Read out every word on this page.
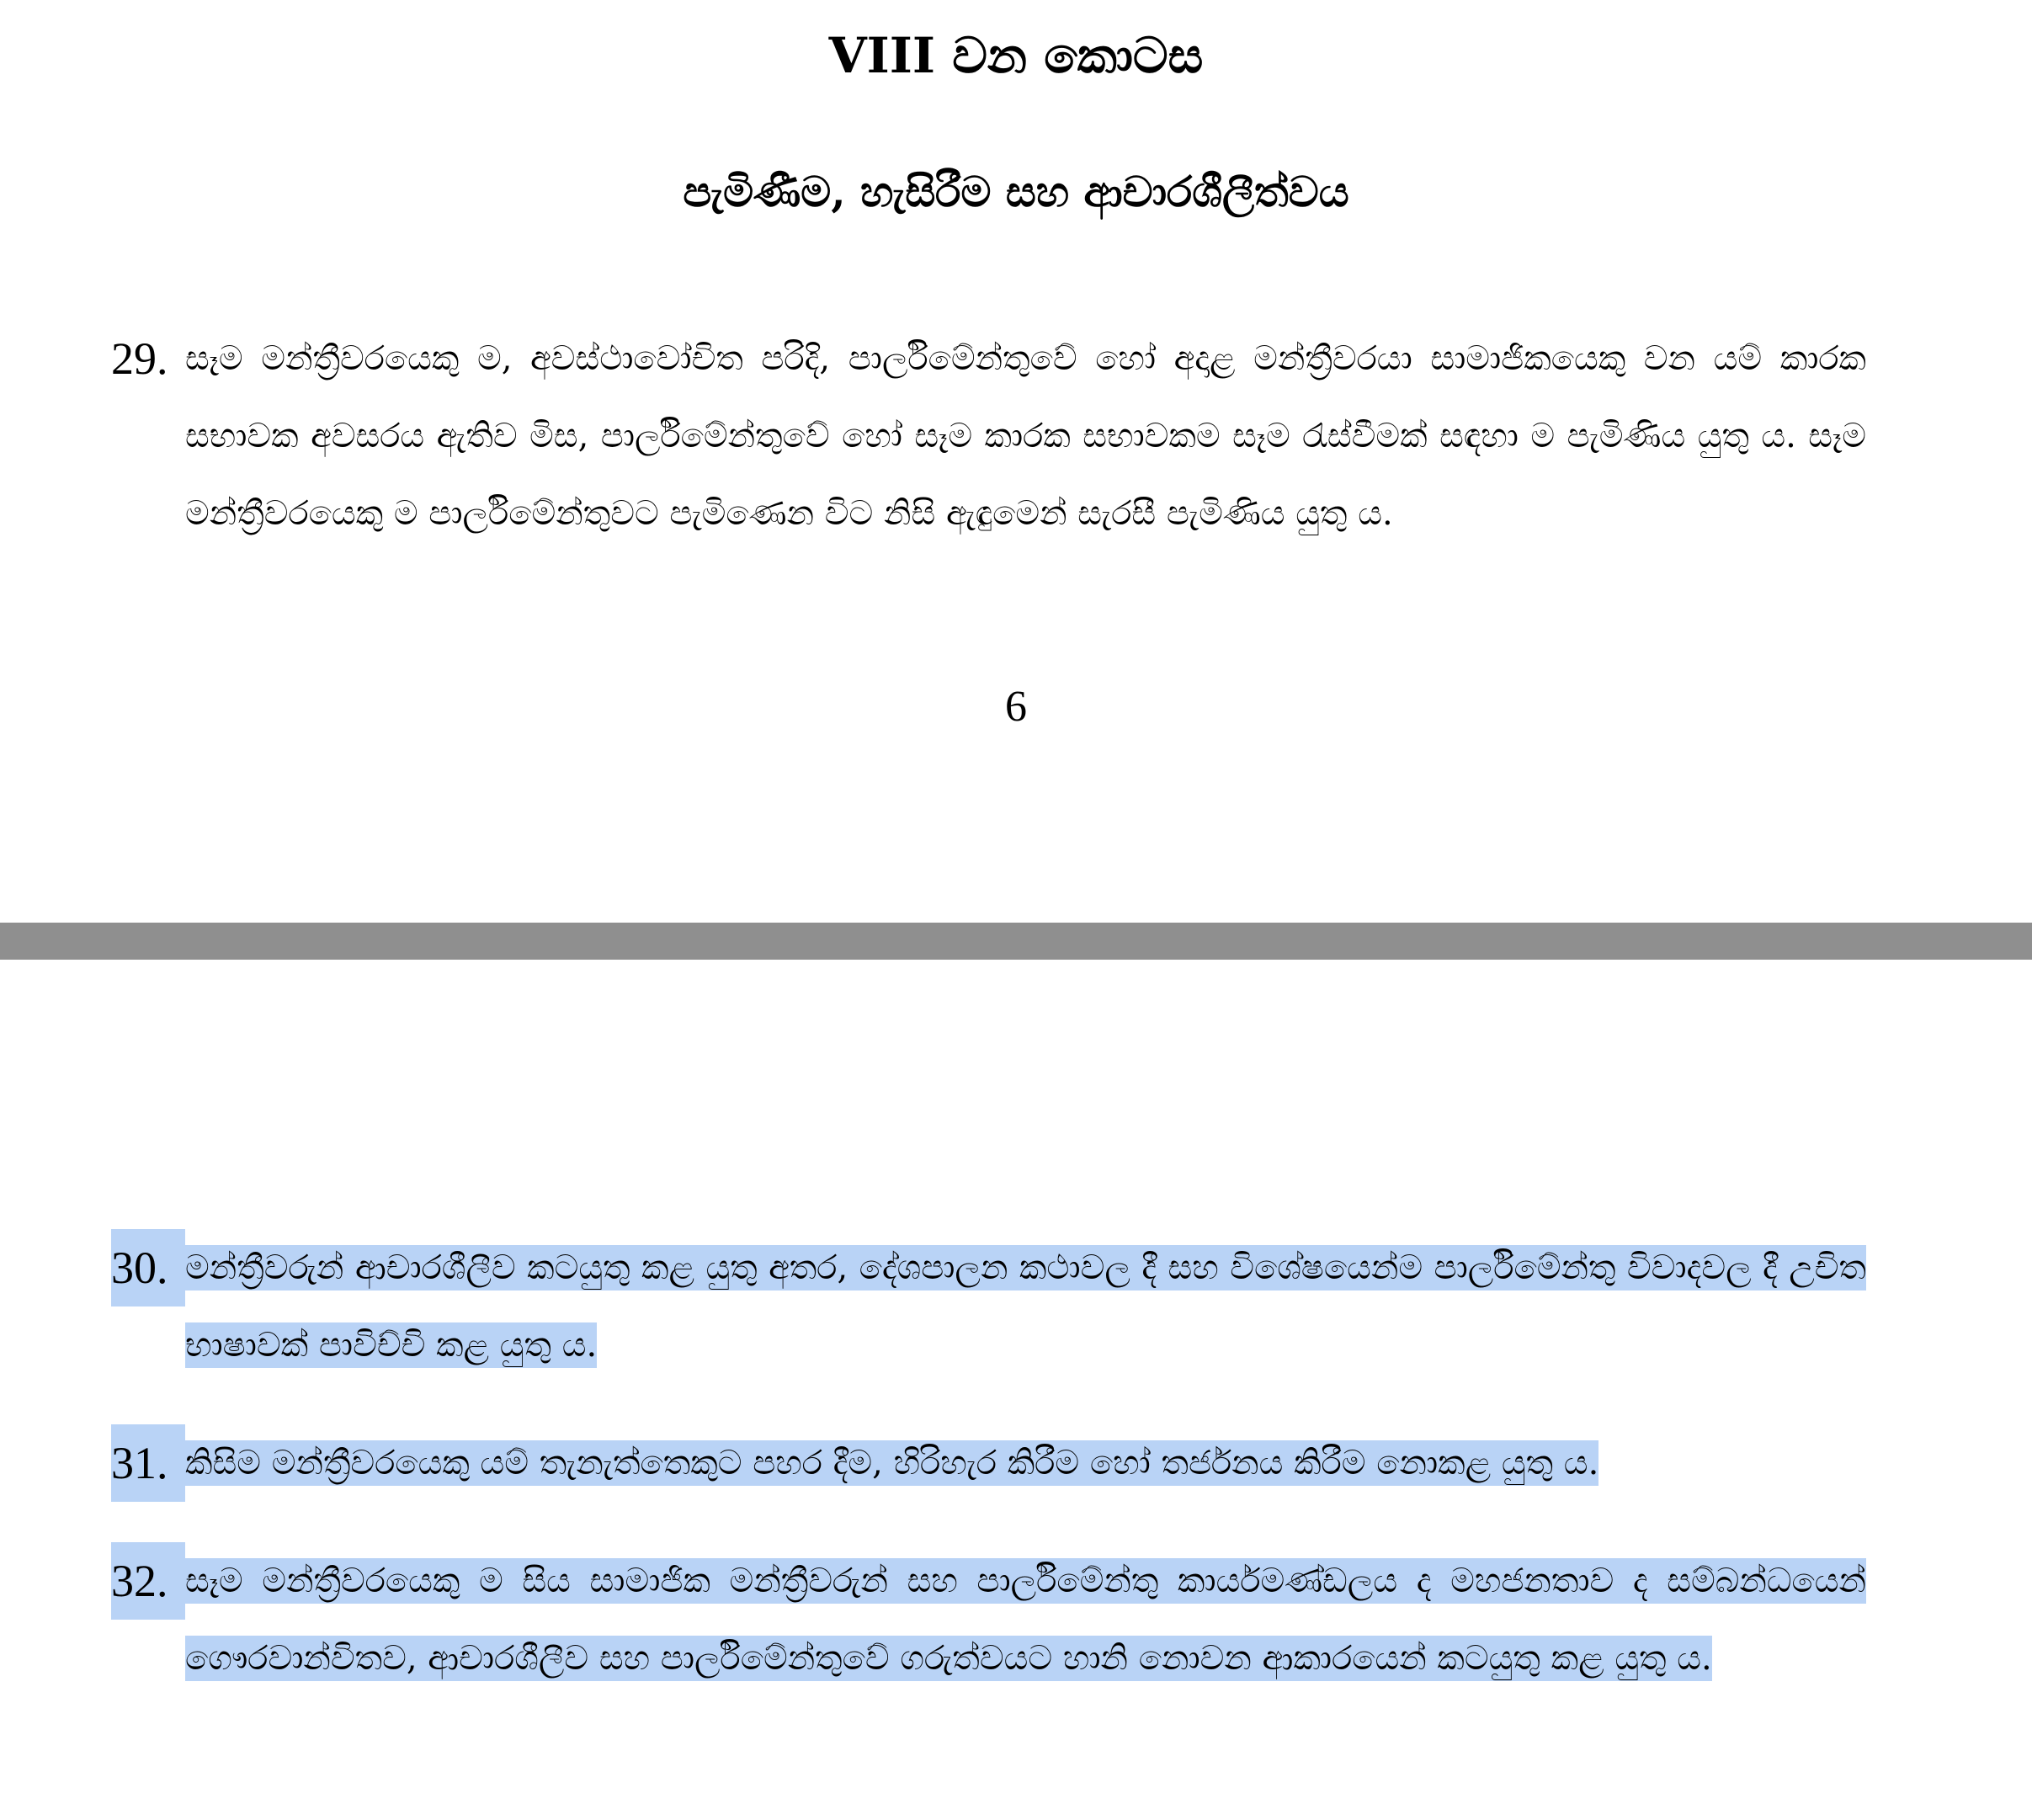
VIII වන කොටස
පැමිණීම, හැසිරීම සහ ආචාරශීලීත්වය
29. සෑම මන්ත්‍රීවරයෙකු ම, අවස්ථාවෝචිත පරිදි, පාර්ලිමේන්තුවේ හෝ අදාළ මන්ත්‍රීවරයා සාමාජිකයෙකු වන යම් කාරක සභාවක අවසරය ඇතිව මිස, පාර්ලිමේන්තුවේ හෝ සෑම කාරක සභාවකම සෑම රැස්වීමක් සඳහා ම පැමිණිය යුතු ය. සෑම මන්ත්‍රීවරයෙකු ම පාර්ලිමේන්තුවට පැමිණෙන විට නිසි ඇඳුමෙන් සැරසී පැමිණිය යුතු ය.
6
30. මන්ත්‍රීවරුන් ආචාරශීලීව කටයුතු කළ යුතු අතර, දේශපාලන කථාවල දී සහ විශේෂයෙන්ම පාර්ලිමේන්තු විවාදවල දී උචිත භාෂාවක් පාවිච්චි කළ යුතු ය.
31. කිසිම මන්ත්‍රීවරයෙකු යම් තැනැත්තෙකුට පහර දීම, හිරිහැර කිරීම හෝ තර්ජනය කිරීම නොකළ යුතු ය.
32. සෑම මන්ත්‍රීවරයෙකු ම සිය සාමාජික මන්ත්‍රීවරුන් සහ පාර්ලිමේන්තු කාර්යමණ්ඩලය ද මහජනතාව ද සම්බන්ධයෙන් ගෞරවාන්විතව, ආචාරශීලීව සහ පාර්ලිමේන්තුවේ ගරුත්වයට හානි නොවන ආකාරයෙන් කටයුතු කළ යුතු ය.
